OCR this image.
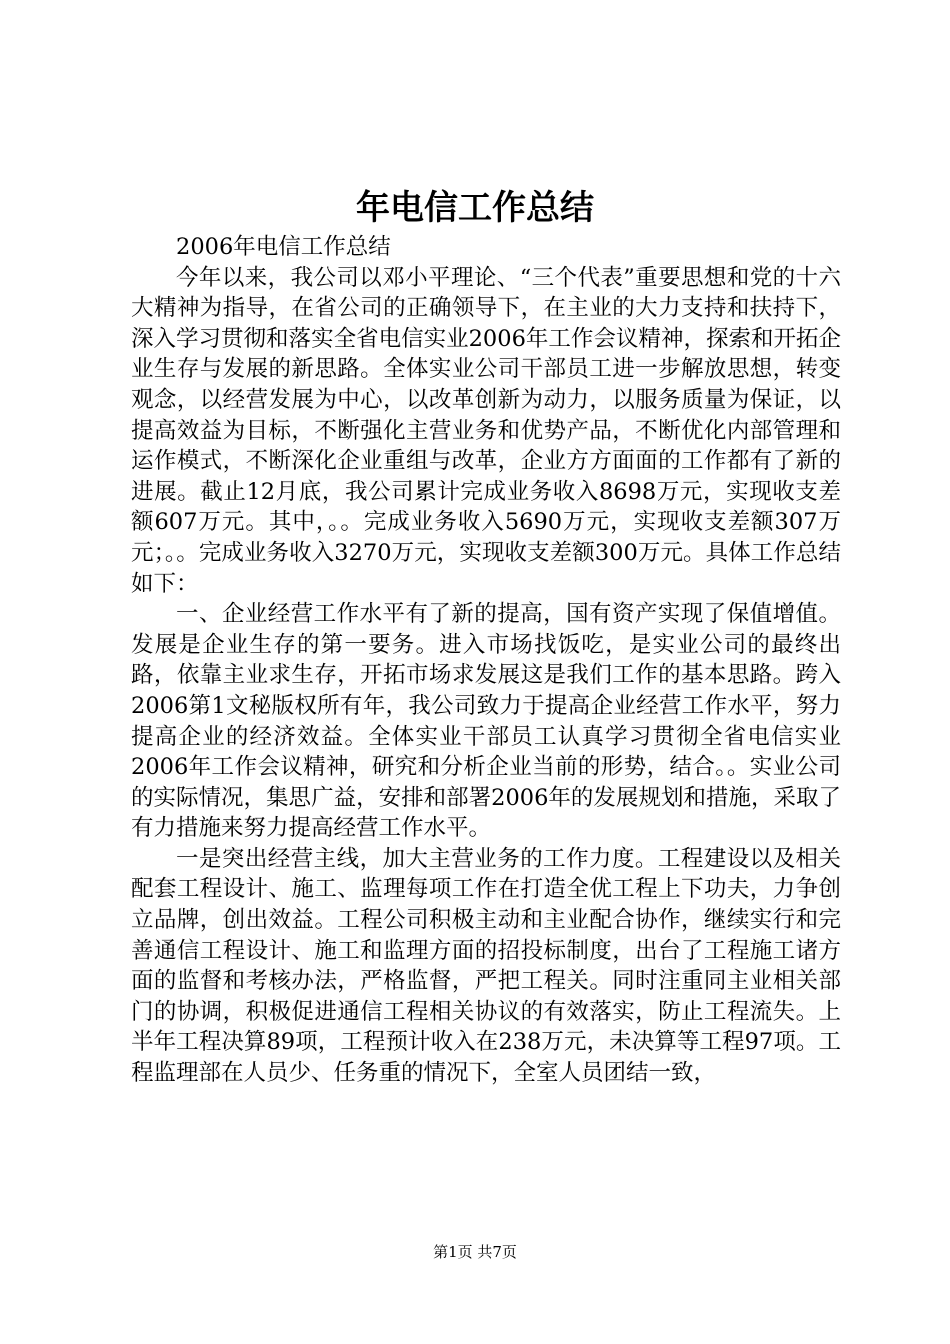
年电信工作总结

2006年电信工作总结

今年以来，我公司以邓小平理论、“三个代表”重要思想和党的十六大精神为指导，在省公司的正确领导下，在主业的大力支持和扶持下，深入学习贯彻和落实全省电信实业2006年工作会议精神，探索和开拓企业生存与发展的新思路。全体实业公司干部员工进一步解放思想，转变观念，以经营发展为中心，以改革创新为动力，以服务质量为保证，以提高效益为目标，不断强化主营业务和优势产品，不断优化内部管理和运作模式，不断深化企业重组与改革，企业方方面面的工作都有了新的进展。截止12月底，我公司累计完成业务收入8698万元，实现收支差额607万元。其中，。。完成业务收入5690万元，实现收支差额307万元；。。完成业务收入3270万元，实现收支差额300万元。具体工作总结如下：

一、企业经营工作水平有了新的提高，国有资产实现了保值增值。发展是企业生存的第一要务。进入市场找饭吃，是实业公司的最终出路，依靠主业求生存，开拓市场求发展这是我们工作的基本思路。跨入2006第1文秘版权所有年，我公司致力于提高企业经营工作水平，努力提高企业的经济效益。全体实业干部员工认真学习贯彻全省电信实业2006年工作会议精神，研究和分析企业当前的形势，结合。。实业公司的实际情况，集思广益，安排和部署2006年的发展规划和措施，采取了有力措施来努力提高经营工作水平。

一是突出经营主线，加大主营业务的工作力度。工程建设以及相关配套工程设计、施工、监理每项工作在打造全优工程上下功夫，力争创立品牌，创出效益。工程公司积极主动和主业配合协作，继续实行和完善通信工程设计、施工和监理方面的招投标制度，出台了工程施工诸方面的监督和考核办法，严格监督，严把工程关。同时注重同主业相关部门的协调，积极促进通信工程相关协议的有效落实，防止工程流失。上半年工程决算89项，工程预计收入在238万元，未决算等工程97项。工程监理部在人员少、任务重的情况下，全室人员团结一致，

第1页 共7页
